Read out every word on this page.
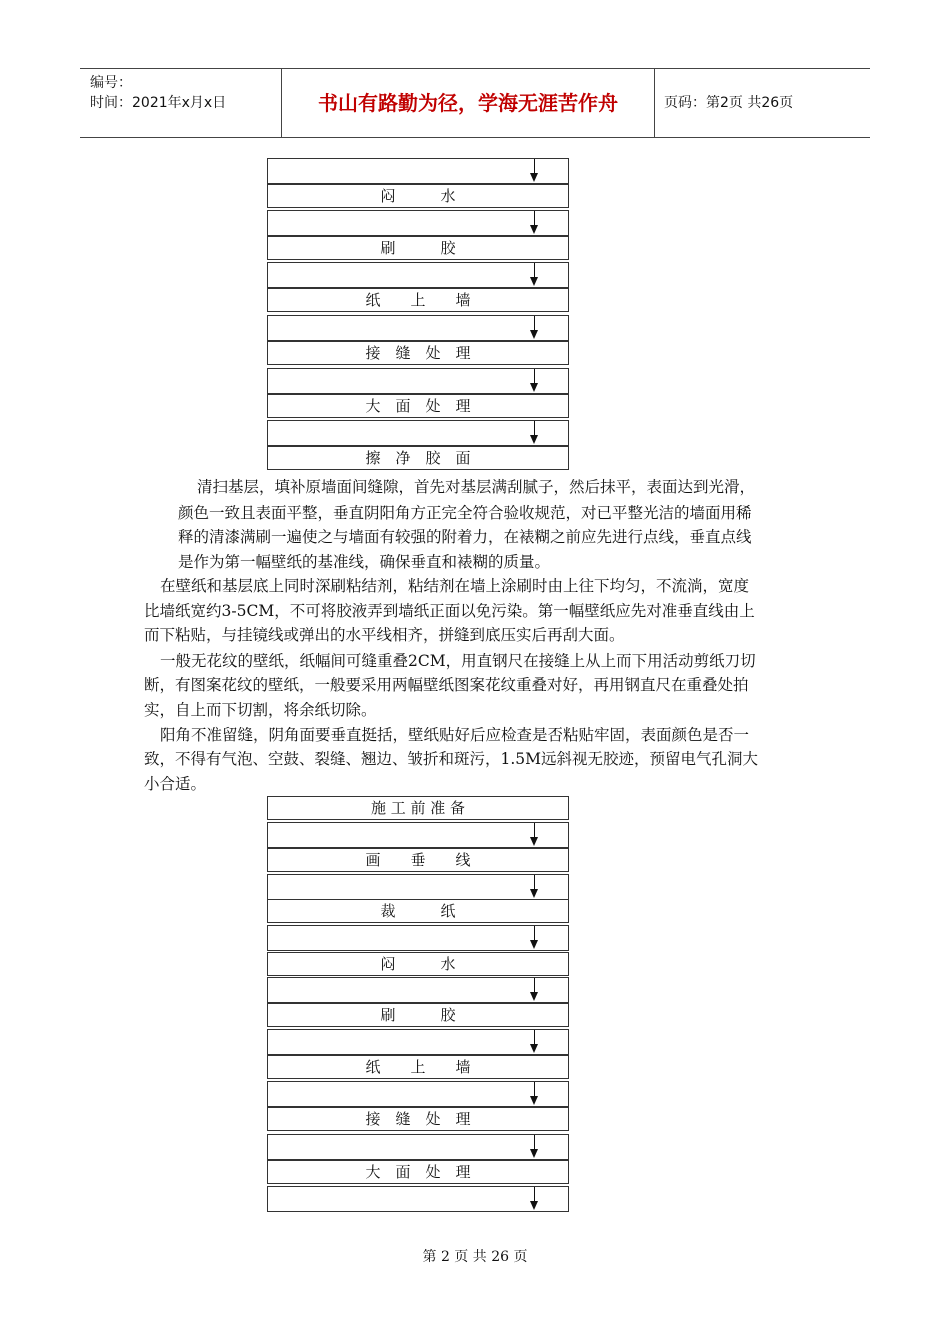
编号：
时间：2021年x月x日	书山有路勤为径，学海无涯苦作舟	页码：第2页 共26页
闷　　　水
刷　　　胶
纸　　上　　墙
接　缝　处　理
大　面　处　理
擦　净　胶　面
清扫基层，填补原墙面间缝隙，首先对基层满刮腻子，然后抹平，表面达到光滑，
颜色一致且表面平整，垂直阴阳角方正完全符合验收规范，对已平整光洁的墙面用稀
释的清漆满刷一遍使之与墙面有较强的附着力，在裱糊之前应先进行点线，垂直点线
是作为第一幅壁纸的基准线，确保垂直和裱糊的质量。
在壁纸和基层底上同时深刷粘结剂，粘结剂在墙上涂刷时由上往下均匀，不流淌，宽度
比墙纸宽约3-5CM，不可将胶液弄到墙纸正面以免污染。第一幅壁纸应先对准垂直线由上
而下粘贴，与挂镜线或弹出的水平线相齐，拼缝到底压实后再刮大面。
一般无花纹的壁纸，纸幅间可缝重叠2CM，用直钢尺在接缝上从上而下用活动剪纸刀切
断，有图案花纹的壁纸，一般要采用两幅壁纸图案花纹重叠对好，再用钢直尺在重叠处拍
实，自上而下切割，将余纸切除。
阳角不准留缝，阴角面要垂直挺括，壁纸贴好后应检查是否粘贴牢固，表面颜色是否一
致，不得有气泡、空鼓、裂缝、翘边、皱折和斑污，1.5M远斜视无胶迹，预留电气孔洞大
小合适。
施 工 前 准 备
画　　垂　　线
裁　　　纸
闷　　　水
刷　　　胶
纸　　上　　墙
接　缝　处　理
大　面　处　理
第 2 页 共 26 页
